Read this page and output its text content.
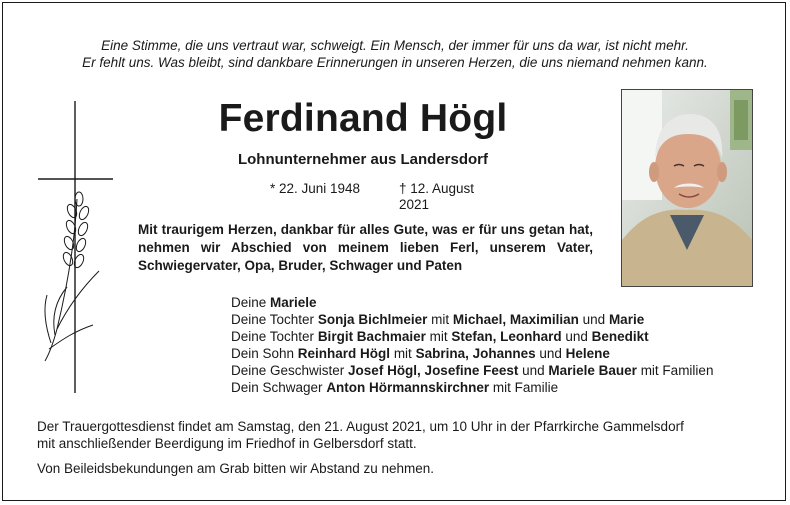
Eine Stimme, die uns vertraut war, schweigt. Ein Mensch, der immer für uns da war, ist nicht mehr.
Er fehlt uns. Was bleibt, sind dankbare Erinnerungen in unseren Herzen, die uns niemand nehmen kann.
Ferdinand Högl
Lohnunternehmer aus Landersdorf
* 22. Juni 1948	† 12. August 2021
Mit traurigem Herzen, dankbar für alles Gute, was er für uns getan hat, nehmen wir Abschied von meinem lieben Ferl, unserem Vater, Schwiegervater, Opa, Bruder, Schwager und Paten
Deine Mariele
Deine Tochter Sonja Bichlmeier mit Michael, Maximilian und Marie
Deine Tochter Birgit Bachmaier mit Stefan, Leonhard und Benedikt
Dein Sohn Reinhard Högl mit Sabrina, Johannes und Helene
Deine Geschwister Josef Högl, Josefine Feest und Mariele Bauer mit Familien
Dein Schwager Anton Hörmannskirchner mit Familie
Der Trauergottesdienst findet am Samstag, den 21. August 2021, um 10 Uhr in der Pfarrkirche Gammelsdorf
mit anschließender Beerdigung im Friedhof in Gelbersdorf statt.
Von Beileidsbekundungen am Grab bitten wir Abstand zu nehmen.
